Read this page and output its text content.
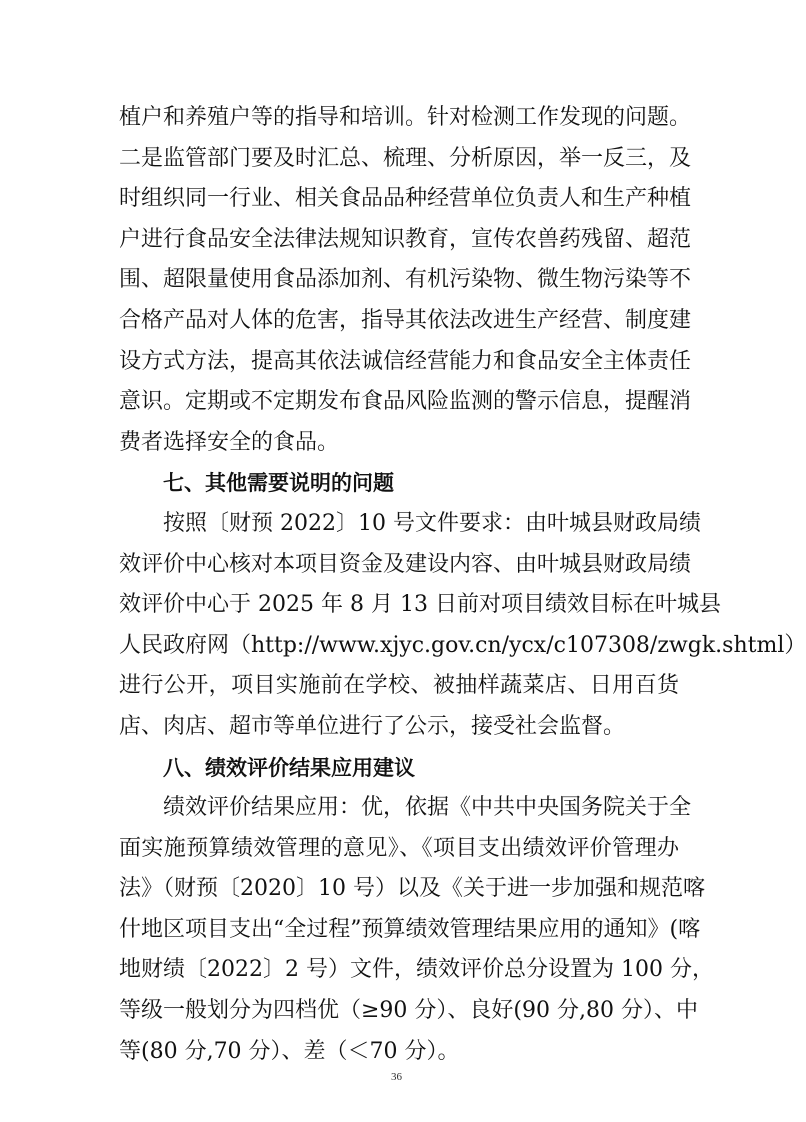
植户和养殖户等的指导和培训。针对检测工作发现的问题。
二是监管部门要及时汇总、梳理、分析原因，举一反三，及
时组织同一行业、相关食品品种经营单位负责人和生产种植
户进行食品安全法律法规知识教育，宣传农兽药残留、超范
围、超限量使用食品添加剂、有机污染物、微生物污染等不
合格产品对人体的危害，指导其依法改进生产经营、制度建
设方式方法，提高其依法诚信经营能力和食品安全主体责任
意识。定期或不定期发布食品风险监测的警示信息，提醒消
费者选择安全的食品。
七、其他需要说明的问题
按照〔财预 2022〕10 号文件要求：由叶城县财政局绩
效评价中心核对本项目资金及建设内容、由叶城县财政局绩
效评价中心于 2025 年 8 月 13 日前对项目绩效目标在叶城县
人民政府网（http://www.xjyc.gov.cn/ycx/c107308/zwgk.shtml）
进行公开，项目实施前在学校、被抽样蔬菜店、日用百货
店、肉店、超市等单位进行了公示，接受社会监督。
八、绩效评价结果应用建议
绩效评价结果应用：优，依据《中共中央国务院关于全
面实施预算绩效管理的意见》、《项目支出绩效评价管理办
法》（财预〔2020〕10 号）以及《关于进一步加强和规范喀
什地区项目支出“全过程”预算绩效管理结果应用的通知》(喀
地财绩〔2022〕2 号）文件，绩效评价总分设置为 100 分，
等级一般划分为四档优（≥90 分）、良好(90 分,80 分）、中
等(80 分,70 分）、差（＜70 分）。
36
